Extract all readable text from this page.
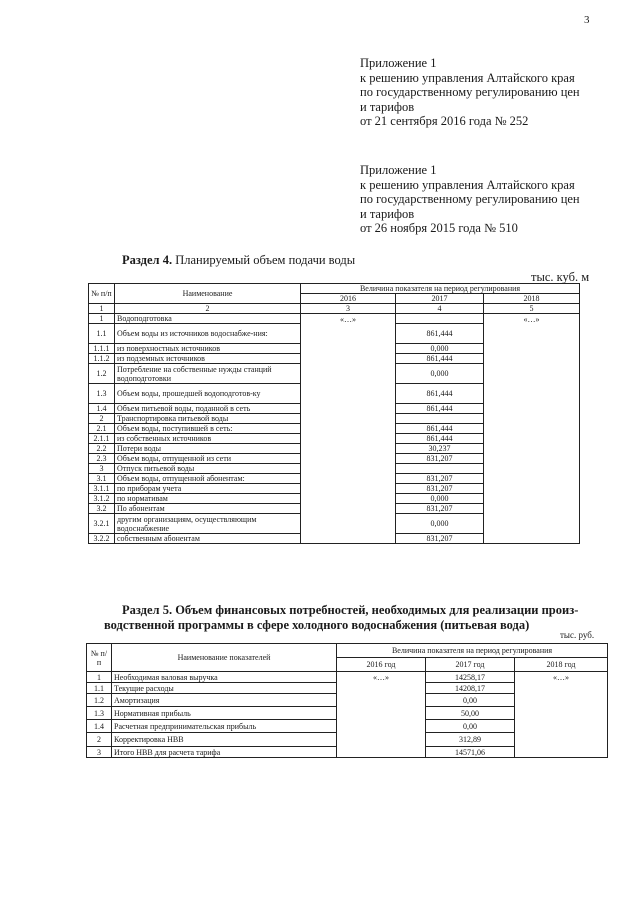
3
Приложение 1
к решению управления Алтайского края
по государственному регулированию цен
и тарифов
от 21 сентября 2016 года № 252
Приложение 1
к решению управления Алтайского края
по государственному регулированию цен
и тарифов
от 26 ноября 2015 года № 510
Раздел 4. Планируемый объем подачи воды
тыс. куб. м
№ п/п	Наименование	Величина показателя на период регулирования		
		2016	2017	2018
1	2	3	4	5
1	Водоподготовка	«…»		«…»
1.1	Объем воды из источников водоснабже-ния:		861,444	
1.1.1	из поверхностных источников		0,000	
1.1.2	из подземных источников		861,444	
1.2	Потребление на собственные нужды станций водоподготовки		0,000	
1.3	Объем воды, прошедшей водоподготов-ку		861,444	
1.4	Объем питьевой воды, поданной в сеть		861,444	
2	Транспортировка питьевой воды			
2.1	Объем воды, поступившей в сеть:		861,444	
2.1.1	из собственных источников		861,444	
2.2	Потери воды		30,237	
2.3	Объем воды, отпущенной из сети		831,207	
3	Отпуск питьевой воды			
3.1	Объем воды, отпущенной абонентам:		831,207	
3.1.1	по приборам учета		831,207	
3.1.2	по нормативам		0,000	
3.2	По абонентам		831,207	
3.2.1	другим организациям, осуществляющим водоснабжение		0,000	
3.2.2	собственным абонентам		831,207	
Раздел 5. Объем финансовых потребностей, необходимых для реализации произ-
водственной программы в сфере холодного водоснабжения (питьевая вода)
тыс. руб.
№ п/п	Наименование показателей	Величина показателя на период регулирования		
		2016 год	2017 год	2018 год
1	Необходимая валовая выручка	«…»	14258,17	«…»
1.1	Текущие расходы		14208,17	
1.2	Амортизация		0,00	
1.3	Нормативная прибыль		50,00	
1.4	Расчетная предпринимательская прибыль		0,00	
2	Корректировка НВВ		312,89	
3	Итого НВВ для расчета тарифа		14571,06	
